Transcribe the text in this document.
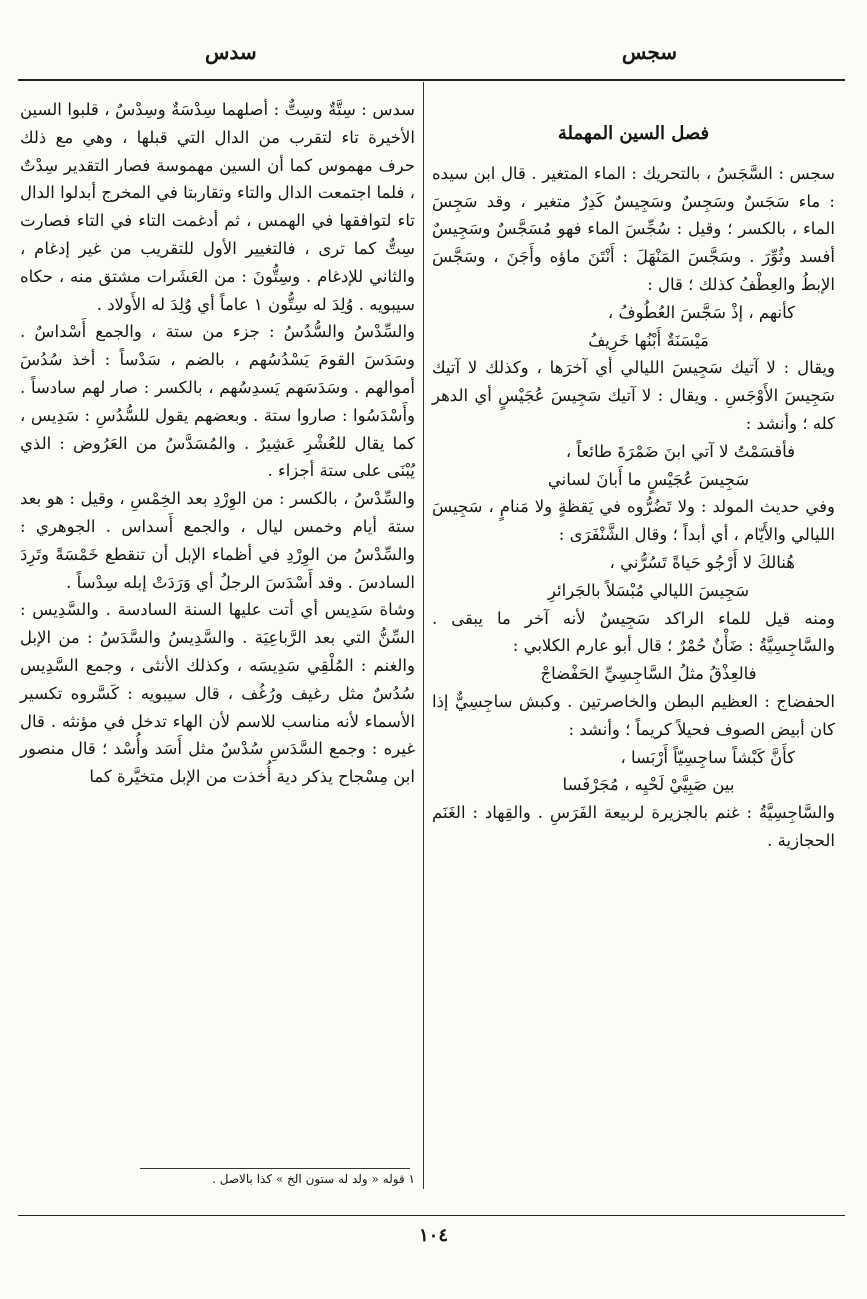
سجس
سدس

فصل السين المهملة

سجس : السَّجَسُ ، بالتحريك : الماء المتغير . قال ابن سيده : ماء سَجَسٌ وسَجِسٌ وسَجِيسٌ كَدِرٌ متغير ، وقد سَجِسَ الماء ، بالكسر ؛ وقيل : سُجِّسَ الماء فهو مُسَجَّسٌ وسَجِيسٌ أفسد وثُوِّرَ . وسَجَّسَ المَنْهَلَ : أَنْتَنَ ماؤه وأَجَنَ ، وسَجَّسَ الإبطُ والعِطْفُ كذلك ؛ قال :

كأنهم ، إذْ سَجَّسَ العُطُوفُ ،

مَيْسَنَةٌ أَبْنُها خَرِيفُ

ويقال : لا آتيك سَجِيسَ الليالي أي آخرَها ، وكذلك لا آتيك سَجِيسَ الأَوْجَسِ . ويقال : لا آتيك سَجِيسَ عُجَيْسٍ أي الدهر كله ؛ وأنشد :

فأقسَمْتُ لا آتي ابنَ ضَمْرَةَ طائعاً ،

سَجِيسَ عُجَيْسٍ ما أَبانَ لساني

وفي حديث المولد : ولا تَضُرُّوه في يَقظةٍ ولا مَنامٍ ، سَجِيسَ الليالي والأَيّام ، أي أبداً ؛ وقال الشَّنْفَرَى :

هُنالكَ لا أَرْجُو حَياةً تَسُرُّني ،

سَجِيسَ الليالي مُبْسَلاً بالجَرائرِ

ومنه قيل للماء الراكد سَجِيسٌ لأنه آخر ما يبقى . والسَّاجِسِيَّةُ : ضَأْنٌ حُمْرٌ ؛ قال أبو عارم الكلابي :

فالعِذْقُ مثلُ السَّاجِسِيِّ الحَفْضاجْ

الحفضاج : العظيم البطن والخاصرتين . وكبش ساجِسِيٌّ إذا كان أبيض الصوف فحيلاً كريماً ؛ وأنشد :

كأَنَّ كَبْشاً ساجِسِيّاً أَرْبَسا ،

بين صَبِيَّيْ لَحْيِه ، مُجَرْفَسا

والسَّاجِسِيَّةُ : غنم بالجزيرة لربيعة الفَرَسِ . والقِهاد : الغَنَم الحجازية .

سدس : سِتَّةٌ وسِتٌّ : أصلهما سِدْسَةٌ وسِدْسٌ ، قلبوا السين الأخيرة تاء لتقرب من الدال التي قبلها ، وهي مع ذلك حرف مهموس كما أن السين مهموسة فصار التقدير سِدْتٌ ، فلما اجتمعت الدال والتاء وتقاربتا في المخرج أبدلوا الدال تاء لتوافقها في الهمس ، ثم أدغمت التاء في التاء فصارت سِتٌّ كما ترى ، فالتغيير الأول للتقريب من غير إدغام ، والثاني للإدغام . وسِتُّونَ : من العَشَرات مشتق منه ، حكاه سيبويه . وُلِدَ له سِتُّون ١ عاماً أي وُلِدَ له الأَولاد .

والسِّدْسُ والسُّدُسُ : جزء من ستة ، والجمع أَسْداسٌ . وسَدَسَ القومَ يَسْدُسُهم ، بالضم ، سَدْساً : أخذ سُدُسَ أموالهم . وسَدَسَهم يَسدِسُهم ، بالكسر : صار لهم سادساً . وأَسْدَسُوا : صاروا ستة . وبعضهم يقول للسُّدُسِ : سَدِيس ، كما يقال للعُشْرِ عَشِيرٌ . والمُسَدَّسُ من العَرُوض : الذي يُبْنَى على ستة أجزاء .

والسِّدْسُ ، بالكسر : من الوِرْدِ بعد الخِمْسِ ، وقيل : هو بعد ستة أيام وخمس ليال ، والجمع أَسداس . الجوهري : والسِّدْسُ من الوِرْدِ في أظماء الإبل أن تنقطع خَمْسَةً وتَرِدَ السادسَ . وقد أَسْدَسَ الرجلُ أي وَرَدَتْ إبله سِدْساً .

وشاة سَدِيس أي أتت عليها السنة السادسة . والسَّدِيس : السِّنُّ التي بعد الرَّباعِيَة . والسَّدِيسُ والسَّدَسُ : من الإبل والغنم : المُلْقِي سَدِيسَه ، وكذلك الأنثى ، وجمع السَّدِيس سُدُسٌ مثل رغيف ورُغُف ، قال سيبويه : كَسَّروه تكسير الأسماء لأنه مناسب للاسم لأن الهاء تدخل في مؤنثه . قال غيره : وجمع السَّدَسِ سُدْسٌ مثل أَسَد وأُسْد ؛ قال منصور ابن مِسْجاح يذكر دية أُخذت من الإبل متخيَّرة كما

١ قوله « ولد له ستون الخ » كذا بالاصل .
١٠٤
